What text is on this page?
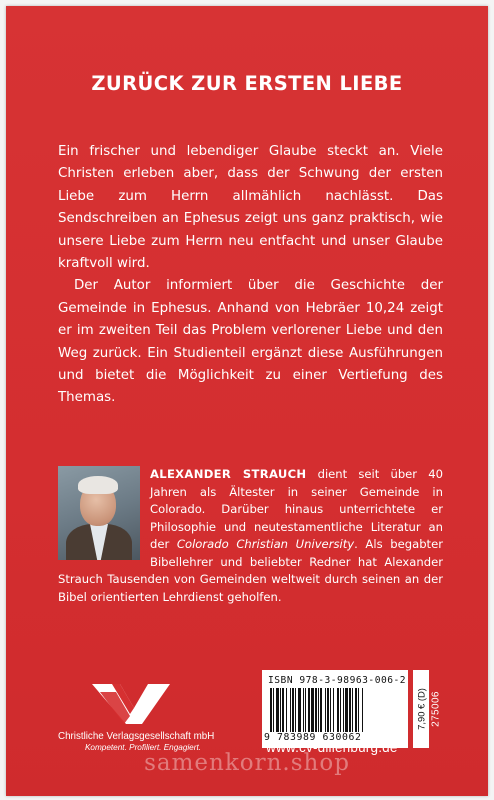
ZURÜCK ZUR ERSTEN LIEBE

Ein frischer und lebendiger Glaube steckt an. Viele Christen erleben aber, dass der Schwung der ersten Liebe zum Herrn allmählich nachlässt. Das Sendschreiben an Ephesus zeigt uns ganz praktisch, wie unsere Liebe zum Herrn neu entfacht und unser Glaube kraftvoll wird.

Der Autor informiert über die Geschichte der Gemeinde in Ephesus. Anhand von Hebräer 10,24 zeigt er im zweiten Teil das Problem verlorener Liebe und den Weg zurück. Ein Studienteil ergänzt diese Ausführungen und bietet die Möglichkeit zu einer Vertiefung des Themas.

ALEXANDER STRAUCH dient seit über 40 Jahren als Ältester in seiner Gemeinde in Colorado. Darüber hinaus unterrichtete er Philosophie und neutestamentliche Literatur an der Colorado Christian University. Als begabter Bibellehrer und beliebter Redner hat Alexander Strauch Tausenden von Gemeinden weltweit durch seinen an der Bibel orientierten Lehrdienst geholfen.
Christliche Verlagsgesellschaft mbH
Kompetent. Profiliert. Engagiert.
ISBN 978-3-98963-006-2
9 783989 630062
7,90 € (D) 275006
www.cv-dillenburg.de
samenkorn.shop
